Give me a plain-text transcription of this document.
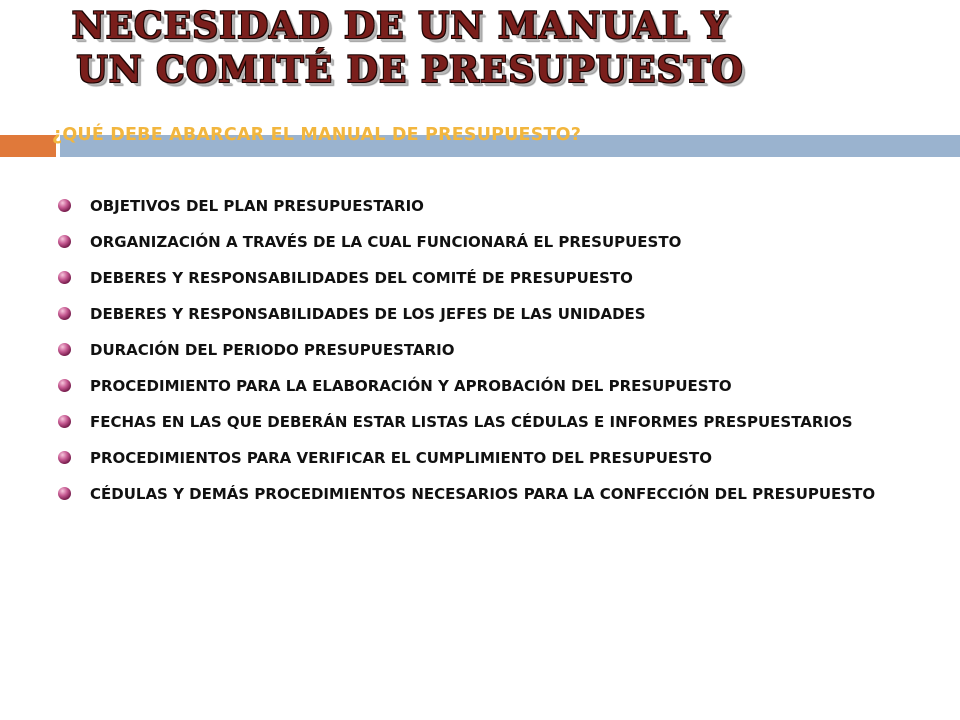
NECESIDAD DE UN MANUAL Y
UN COMITÉ DE PRESUPUESTO
¿QUÉ DEBE ABARCAR EL MANUAL DE PRESUPUESTO?
OBJETIVOS DEL PLAN PRESUPUESTARIO
ORGANIZACIÓN A TRAVÉS DE LA CUAL FUNCIONARÁ EL PRESUPUESTO
DEBERES Y RESPONSABILIDADES DEL COMITÉ DE PRESUPUESTO
DEBERES Y RESPONSABILIDADES DE LOS JEFES DE LAS UNIDADES
DURACIÓN DEL PERIODO PRESUPUESTARIO
PROCEDIMIENTO PARA LA ELABORACIÓN Y APROBACIÓN DEL PRESUPUESTO
FECHAS EN LAS QUE DEBERÁN ESTAR LISTAS LAS CÉDULAS E INFORMES PRESPUESTARIOS
PROCEDIMIENTOS PARA VERIFICAR EL CUMPLIMIENTO DEL PRESUPUESTO
CÉDULAS Y DEMÁS PROCEDIMIENTOS NECESARIOS PARA LA CONFECCIÓN DEL PRESUPUESTO
